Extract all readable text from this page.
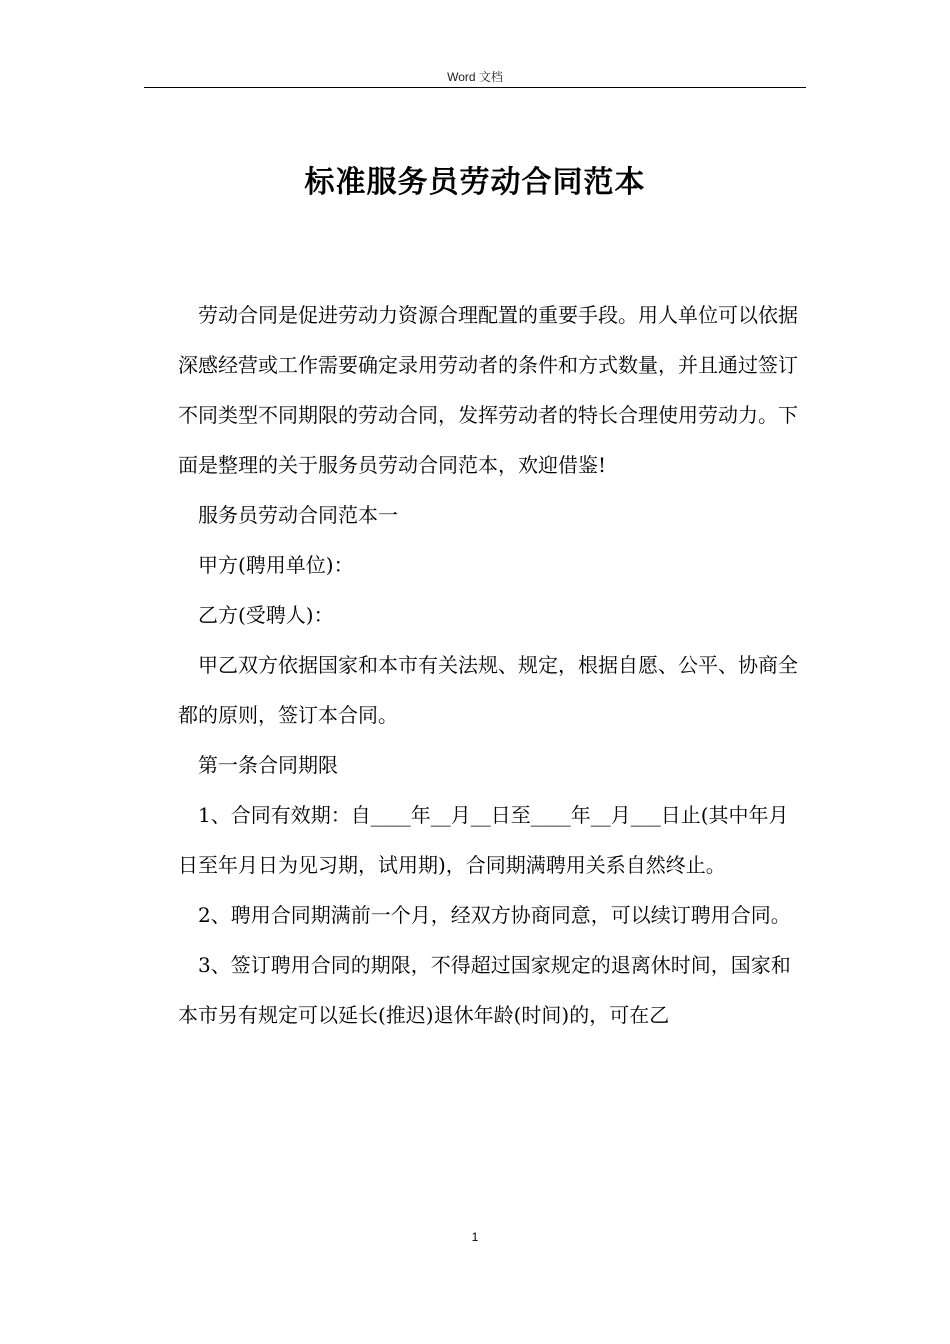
Word 文档
标准服务员劳动合同范本

劳动合同是促进劳动力资源合理配置的重要手段。用人单位可以依据深感经营或工作需要确定录用劳动者的条件和方式数量，并且通过签订不同类型不同期限的劳动合同，发挥劳动者的特长合理使用劳动力。下面是整理的关于服务员劳动合同范本，欢迎借鉴!

服务员劳动合同范本一

甲方(聘用单位)：

乙方(受聘人)：

甲乙双方依据国家和本市有关法规、规定，根据自愿、公平、协商全都的原则，签订本合同。

第一条合同期限

1、合同有效期：自____年__月__日至____年__月___日止(其中年月日至年月日为见习期，试用期)，合同期满聘用关系自然终止。

2、聘用合同期满前一个月，经双方协商同意，可以续订聘用合同。

3、签订聘用合同的期限，不得超过国家规定的退离休时间，国家和本市另有规定可以延长(推迟)退休年龄(时间)的，可在乙

1
